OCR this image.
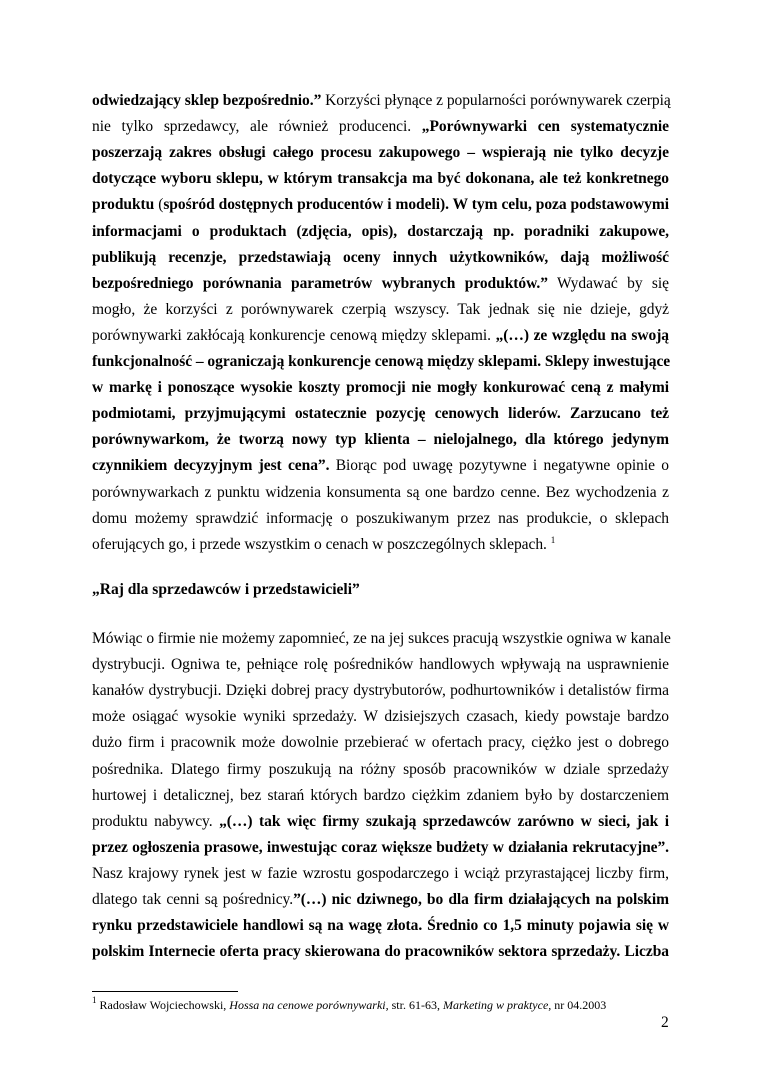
odwiedzający sklep bezpośrednio.” Korzyści płynące z popularności porównywarek czerpią
nie tylko sprzedawcy, ale również producenci. „Porównywarki cen systematycznie
poszerzają zakres obsługi całego procesu zakupowego – wspierają nie tylko decyzje
dotyczące wyboru sklepu, w którym transakcja ma być dokonana, ale też konkretnego
produktu (spośród dostępnych producentów i modeli). W tym celu, poza podstawowymi
informacjami o produktach (zdjęcia, opis), dostarczają np. poradniki zakupowe,
publikują recenzje, przedstawiają oceny innych użytkowników, dają możliwość
bezpośredniego porównania parametrów wybranych produktów.” Wydawać by się
mogło, że korzyści z porównywarek czerpią wszyscy. Tak jednak się nie dzieje, gdyż
porównywarki zakłócają konkurencje cenową między sklepami. „(…) ze względu na swoją
funkcjonalność – ograniczają konkurencje cenową między sklepami. Sklepy inwestujące
w markę i ponoszące wysokie koszty promocji nie mogły konkurować ceną z małymi
podmiotami, przyjmującymi ostatecznie pozycję cenowych liderów. Zarzucano też
porównywarkom, że tworzą nowy typ klienta – nielojalnego, dla którego jedynym
czynnikiem decyzyjnym jest cena”. Biorąc pod uwagę pozytywne i negatywne opinie o
porównywarkach z punktu widzenia konsumenta są one bardzo cenne. Bez wychodzenia z
domu możemy sprawdzić informację o poszukiwanym przez nas produkcie, o sklepach
oferujących go, i przede wszystkim o cenach w poszczególnych sklepach. $^1$
„Raj dla sprzedawców i przedstawicieli”
Mówiąc o firmie nie możemy zapomnieć, ze na jej sukces pracują wszystkie ogniwa w kanale
dystrybucji. Ogniwa te, pełniące rolę pośredników handlowych wpływają na usprawnienie
kanałów dystrybucji. Dzięki dobrej pracy dystrybutorów, podhurtowników i detalistów firma
może osiągać wysokie wyniki sprzedaży. W dzisiejszych czasach, kiedy powstaje bardzo
dużo firm i pracownik może dowolnie przebierać w ofertach pracy, ciężko jest o dobrego
pośrednika. Dlatego firmy poszukują na różny sposób pracowników w dziale sprzedaży
hurtowej i detalicznej, bez starań których bardzo ciężkim zdaniem było by dostarczeniem
produktu nabywcy. „(…) tak więc firmy szukają sprzedawców zarówno w sieci, jak i
przez ogłoszenia prasowe, inwestując coraz większe budżety w działania rekrutacyjne”.
Nasz krajowy rynek jest w fazie wzrostu gospodarczego i wciąż przyrastającej liczby firm,
dlatego tak cenni są pośrednicy.”(…) nic dziwnego, bo dla firm działających na polskim
rynku przedstawiciele handlowi są na wagę złota. Średnio co 1,5 minuty pojawia się w
polskim Internecie oferta pracy skierowana do pracowników sektora sprzedaży. Liczba
$^1$ Radosław Wojciechowski, Hossa na cenowe porównywarki, str. 61-63, Marketing w praktyce, nr 04.2003
2
